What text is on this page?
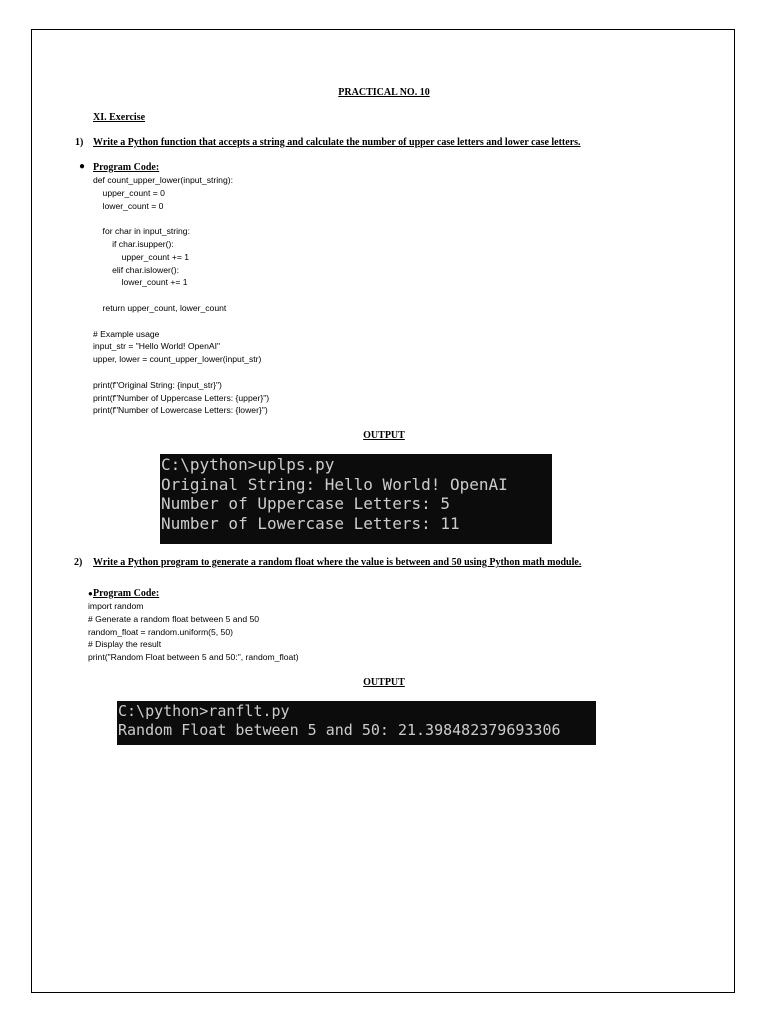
PRACTICAL NO. 10
XI. Exercise
1) Write a Python function that accepts a string and calculate the number of upper case letters and lower case letters.
● Program Code:
def count_upper_lower(input_string):
upper_count = 0
lower_count = 0

for char in input_string:
if char.isupper():
upper_count += 1
elif char.islower():
lower_count += 1

return upper_count, lower_count

# Example usage
input_str = "Hello World! OpenAI"
upper, lower = count_upper_lower(input_str)

print(f"Original String: {input_str}")
print(f"Number of Uppercase Letters: {upper}")
print(f"Number of Lowercase Letters: {lower}")
OUTPUT
C:\python>uplps.py
Original String: Hello World! OpenAI
Number of Uppercase Letters: 5
Number of Lowercase Letters: 11
2) Write a Python program to generate a random float where the value is between and 50 using Python math module.
● Program Code:
import random
# Generate a random float between 5 and 50
random_float = random.uniform(5, 50)
# Display the result
print("Random Float between 5 and 50:", random_float)
OUTPUT
C:\python>ranflt.py
Random Float between 5 and 50: 21.398482379693306
